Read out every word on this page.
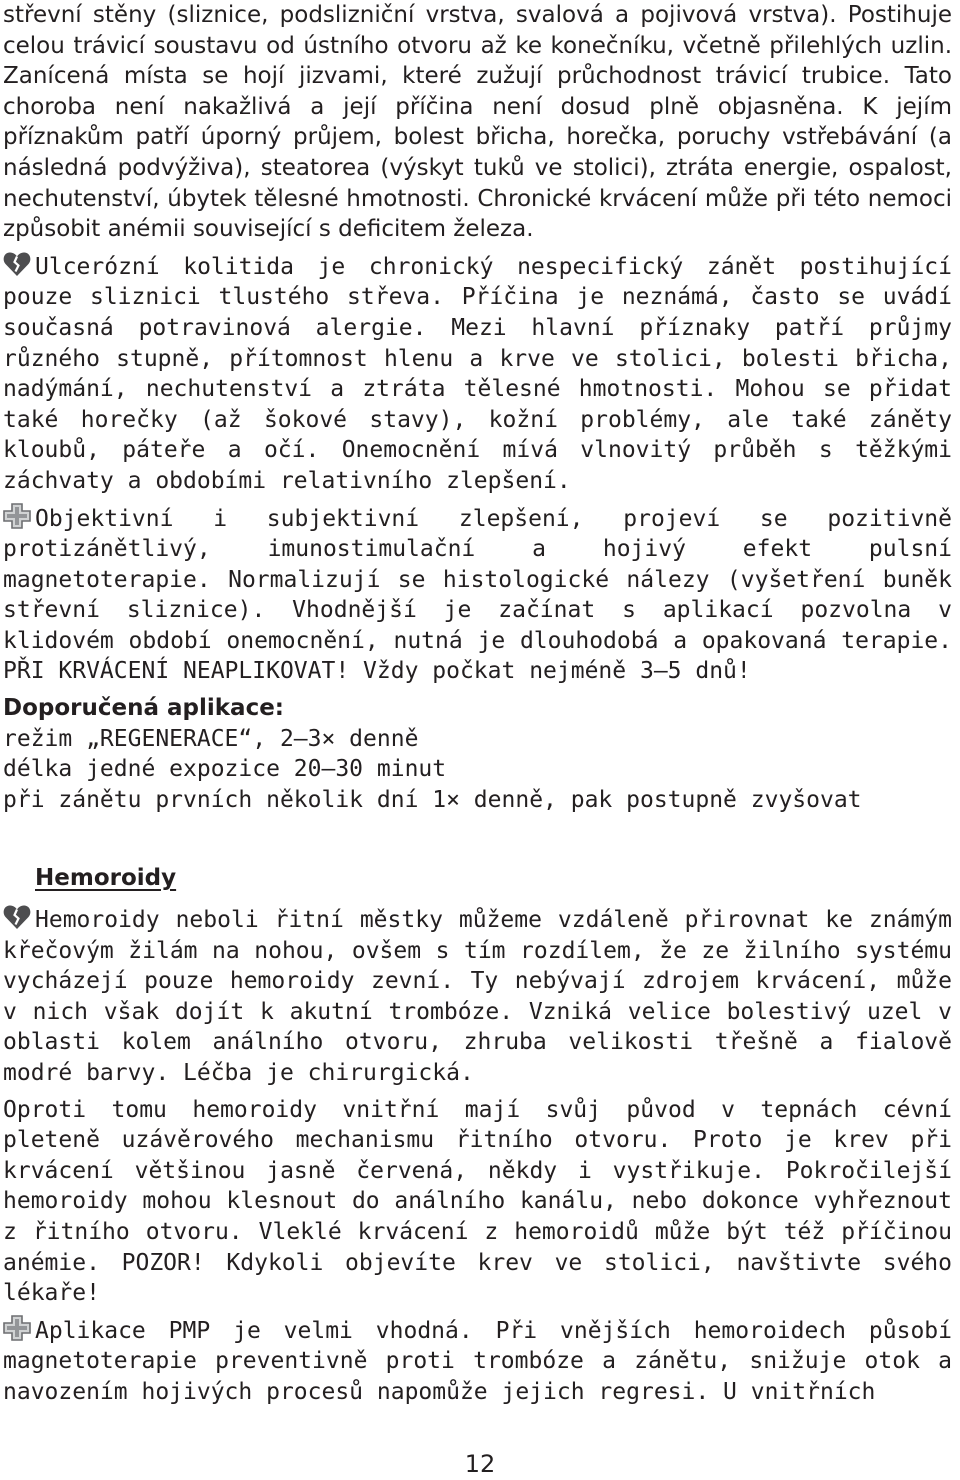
střevní stěny (sliznice, podslizniční vrstva, svalová a pojivová vrstva). Postihuje celou trávicí soustavu od ústního otvoru až ke konečníku, včetně přilehlých uzlin. Zanícená místa se hojí jizvami, které zužují průchodnost trávicí trubice. Tato choroba není nakažlivá a její příčina není dosud plně objasněna. K jejím příznakům patří úporný průjem, bolest břicha, horečka, poruchy vstřebávání (a následná podvýživa), steatorea (výskyt tuků ve stolici), ztráta energie, ospalost, nechutenství, úbytek tělesné hmotnosti. Chronické krvácení může při této nemoci způsobit anémii související s deficitem železa.

Ulcerózní kolitida je chronický nespecifický zánět postihující pouze sliznici tlustého střeva. Příčina je neznámá, často se uvádí současná potravinová alergie. Mezi hlavní příznaky patří průjmy různého stupně, přítomnost hlenu a krve ve stolici, bolesti břicha, nadýmání, nechutenství a ztráta tělesné hmotnosti. Mohou se přidat také horečky (až šokové stavy), kožní problémy, ale také záněty kloubů, páteře a očí. Onemocnění mívá vlnovitý průběh s těžkými záchvaty a obdobími relativního zlepšení.

Objektivní i subjektivní zlepšení, projeví se pozitivně protizánětlivý, imunostimulační a hojivý efekt pulsní magnetoterapie. Normalizují se histologické nálezy (vyšetření buněk střevní sliznice). Vhodnější je začínat s aplikací pozvolna v klidovém období onemocnění, nutná je dlouhodobá a opakovaná terapie. PŘI KRVÁCENÍ NEAPLIKOVAT! Vždy počkat nejméně 3–5 dnů!

Doporučená aplikace:

režim „REGENERACE“, 2–3× denně

délka jedné expozice 20–30 minut

při zánětu prvních několik dní 1× denně, pak postupně zvyšovat

Hemoroidy

Hemoroidy neboli řitní městky můžeme vzdáleně přirovnat ke známým křečovým žilám na nohou, ovšem s tím rozdílem, že ze žilního systému vycházejí pouze hemoroidy zevní. Ty nebývají zdrojem krvácení, může v nich však dojít k akutní trombóze. Vzniká velice bolestivý uzel v oblasti kolem análního otvoru, zhruba velikosti třešně a fialově modré barvy. Léčba je chirurgická.

Oproti tomu hemoroidy vnitřní mají svůj původ v tepnách cévní pleteně uzávěrového mechanismu řitního otvoru. Proto je krev při krvácení většinou jasně červená, někdy i vystřikuje. Pokročilejší hemoroidy mohou klesnout do análního kanálu, nebo dokonce vyhřeznout z řitního otvoru. Vleklé krvácení z hemoroidů může být též příčinou anémie. POZOR! Kdykoli objevíte krev ve stolici, navštivte svého lékaře!

Aplikace PMP je velmi vhodná. Při vnějších hemoroidech působí magnetoterapie preventivně proti trombóze a zánětu, snižuje otok a navozením hojivých procesů napomůže jejich regresi. U vnitřních

12
